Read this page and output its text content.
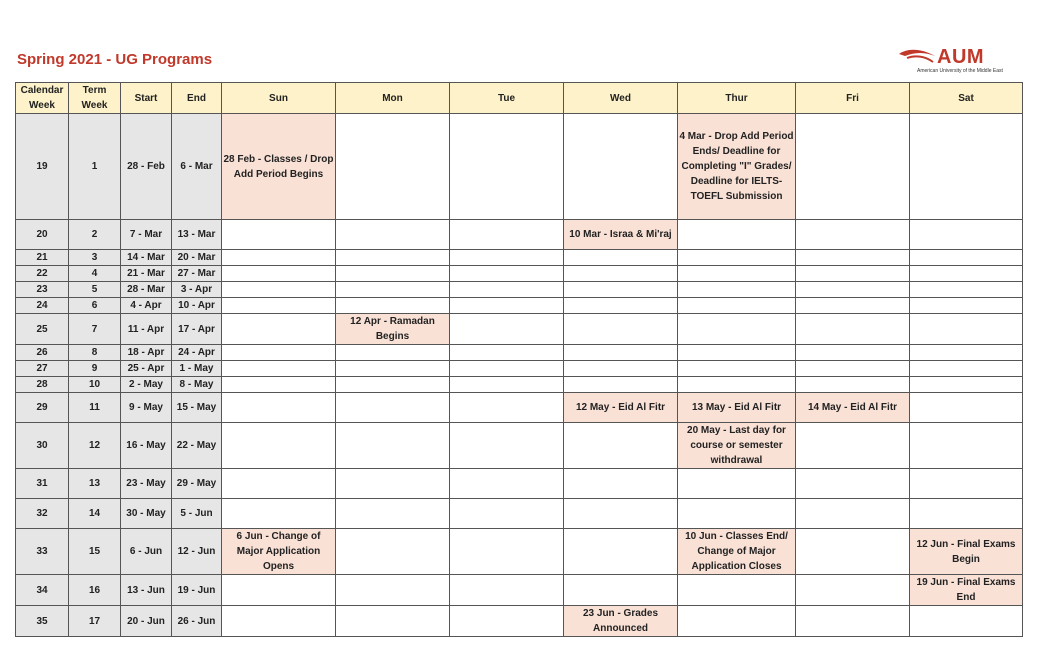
Spring 2021 - UG Programs	AUM
American University of the Middle East
Calendar Week	Term Week	Start	End	Sun	Mon	Tue	Wed	Thur	Fri	Sat
19	1	28 - Feb	6 - Mar	28 Feb - Classes / Drop Add Period Begins				4 Mar - Drop Add Period Ends/ Deadline for Completing "I" Grades/ Deadline for IELTS-TOEFL Submission		
20	2	7 - Mar	13 - Mar				10 Mar - Israa & Mi'raj			
21	3	14 - Mar	20 - Mar							
22	4	21 - Mar	27 - Mar							
23	5	28 - Mar	3 - Apr							
24	6	4 - Apr	10 - Apr							
25	7	11 - Apr	17 - Apr		12 Apr - Ramadan Begins					
26	8	18 - Apr	24 - Apr							
27	9	25 - Apr	1 - May							
28	10	2 - May	8 - May							
29	11	9 - May	15 - May				12 May - Eid Al Fitr	13 May - Eid Al Fitr	14 May - Eid Al Fitr	
30	12	16 - May	22 - May					20 May - Last day for course or semester withdrawal		
31	13	23 - May	29 - May							
32	14	30 - May	5 - Jun							
33	15	6 - Jun	12 - Jun	6 Jun - Change of Major Application Opens				10 Jun - Classes End/ Change of Major Application Closes		12 Jun - Final Exams Begin
34	16	13 - Jun	19 - Jun							19 Jun - Final Exams End
35	17	20 - Jun	26 - Jun				23 Jun - Grades Announced			
